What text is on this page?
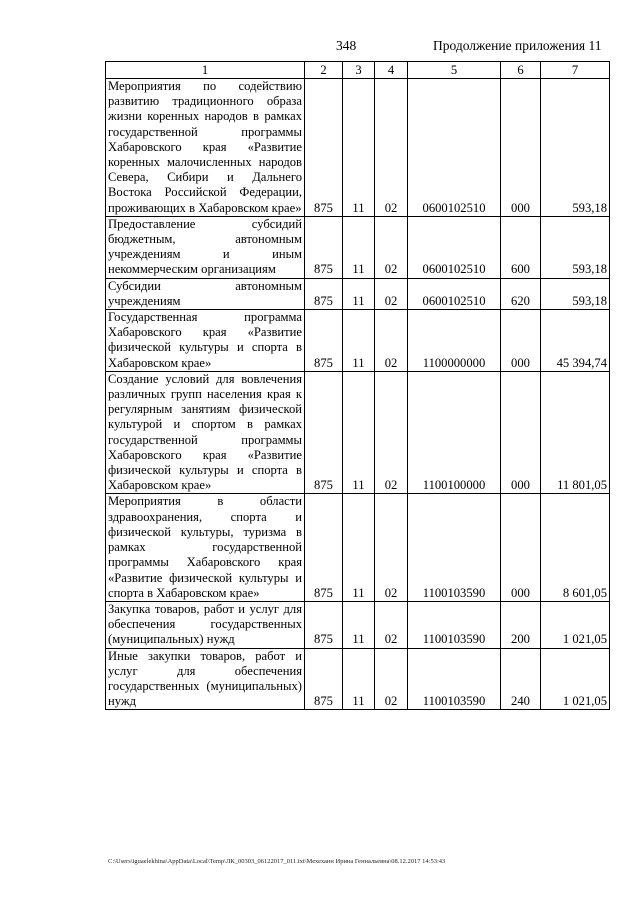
348	Продолжение приложения 11
1	2	3	4	5	6	7
Мероприятия по содействию развитию традиционного образа жизни коренных народов в рамках государственной программы Хабаровского края «Развитие коренных малочисленных народов Севера, Сибири и Дальнего Востока Российской Федерации, проживающих в Хабаровском крае»	875	11	02	0600102510	000	593,18
Предоставление субсидий бюджетным, автономным учреждениям и иным некоммерческим организациям	875	11	02	0600102510	600	593,18
Субсидии автономным учреждениям	875	11	02	0600102510	620	593,18
Государственная программа Хабаровского края «Развитие физической культуры и спорта в Хабаровском крае»	875	11	02	1100000000	000	45 394,74
Создание условий для вовлечения различных групп населения края к регулярным занятиям физической культурой и спортом в рамках государственной программы Хабаровского края «Развитие физической культуры и спорта в Хабаровском крае»	875	11	02	1100100000	000	11 801,05
Мероприятия в области здравоохранения, спорта и физической культуры, туризма в рамках государственной программы Хабаровского края «Развитие физической культуры и спорта в Хабаровском крае»	875	11	02	1100103590	000	8 601,05
Закупка товаров, работ и услуг для обеспечения государственных (муниципальных) нужд	875	11	02	1100103590	200	1 021,05
Иные закупки товаров, работ и услуг для обеспечения государственных (муниципальных) нужд	875	11	02	1100103590	240	1 021,05
C:\Users\iguaelekhina\AppData\Local\Temp\ЛК_00303_06122017_011.txt\Мехеханн Ирина Геннальевна\08.12.2017 14:53:43
